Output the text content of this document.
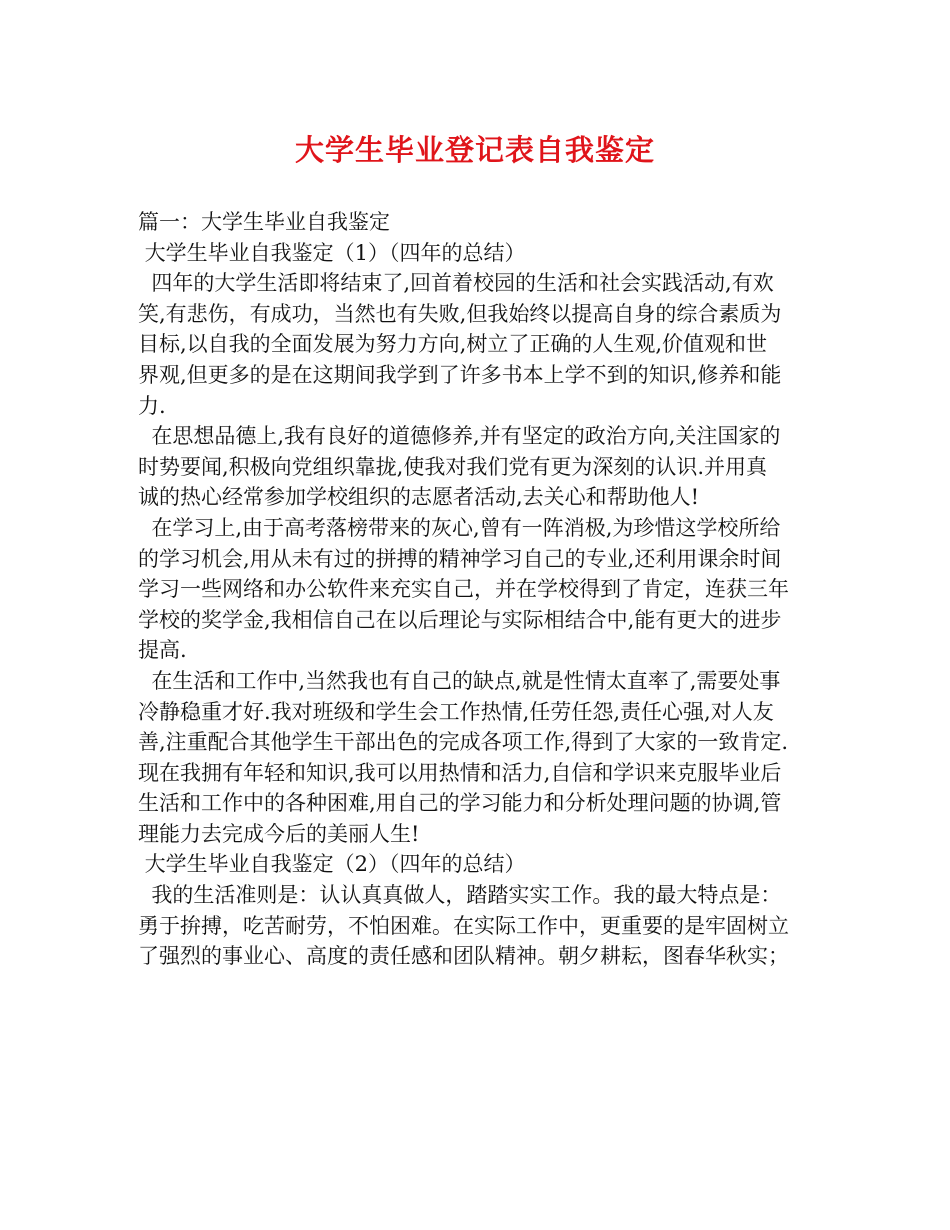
大学生毕业登记表自我鉴定
篇一：大学生毕业自我鉴定
大学生毕业自我鉴定（1）（四年的总结）
四年的大学生活即将结束了,回首着校园的生活和社会实践活动,有欢
笑,有悲伤，有成功，当然也有失败,但我始终以提高自身的综合素质为
目标,以自我的全面发展为努力方向,树立了正确的人生观,价值观和世
界观,但更多的是在这期间我学到了许多书本上学不到的知识,修养和能
力.
在思想品德上,我有良好的道德修养,并有坚定的政治方向,关注国家的
时势要闻,积极向党组织靠拢,使我对我们党有更为深刻的认识.并用真
诚的热心经常参加学校组织的志愿者活动,去关心和帮助他人!
在学习上,由于高考落榜带来的灰心,曾有一阵消极,为珍惜这学校所给
的学习机会,用从未有过的拼搏的精神学习自己的专业,还利用课余时间
学习一些网络和办公软件来充实自己，并在学校得到了肯定，连获三年
学校的奖学金,我相信自己在以后理论与实际相结合中,能有更大的进步
提高.
在生活和工作中,当然我也有自己的缺点,就是性情太直率了,需要处事
冷静稳重才好.我对班级和学生会工作热情,任劳任怨,责任心强,对人友
善,注重配合其他学生干部出色的完成各项工作,得到了大家的一致肯定.
现在我拥有年轻和知识,我可以用热情和活力,自信和学识来克服毕业后
生活和工作中的各种困难,用自己的学习能力和分析处理问题的协调,管
理能力去完成今后的美丽人生!
大学生毕业自我鉴定（2）（四年的总结）
我的生活准则是：认认真真做人，踏踏实实工作。我的最大特点是：
勇于拚搏，吃苦耐劳，不怕困难。在实际工作中，更重要的是牢固树立
了强烈的事业心、高度的责任感和团队精神。朝夕耕耘，图春华秋实；
